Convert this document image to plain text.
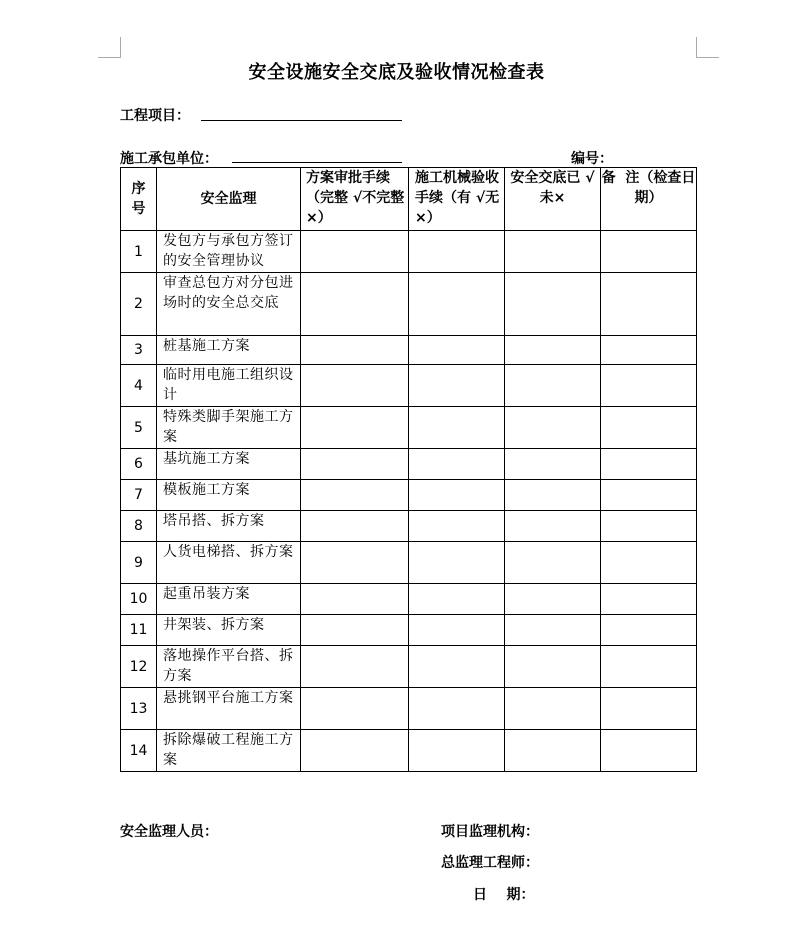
安全设施安全交底及验收情况检查表
工程项目：
施工承包单位：	编号：
序号	安全监理	方案审批手续（完整 √不完整×）	施工机械验收手续（有 √无 ×）	安全交底已 √未×	备  注（检查日期）
1	发包方与承包方签订的安全管理协议				
2	审查总包方对分包进场时的安全总交底				
3	桩基施工方案				
4	临时用电施工组织设计				
5	特殊类脚手架施工方案				
6	基坑施工方案				
7	模板施工方案				
8	塔吊搭、拆方案				
9	人货电梯搭、拆方案				
10	起重吊装方案				
11	井架装、拆方案				
12	落地操作平台搭、拆方案				
13	悬挑钢平台施工方案				
14	拆除爆破工程施工方案				
安全监理人员：	项目监理机构：
总监理工程师：
日    期：
